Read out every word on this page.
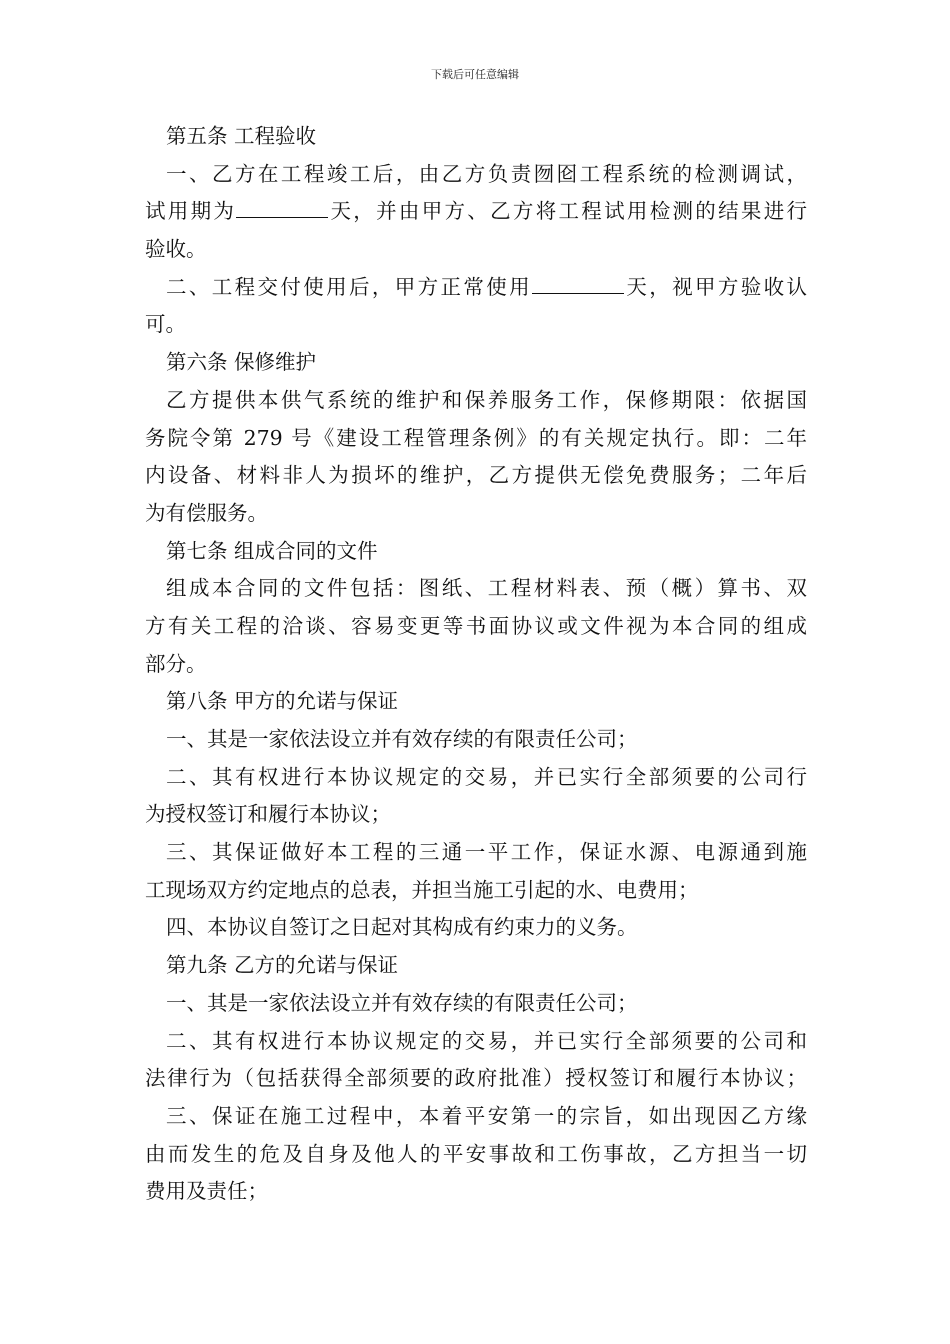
下载后可任意编辑
第五条 工程验收
一、乙方在工程竣工后，由乙方负责囫囵工程系统的检测调试，
试用期为	天，并由甲方、乙方将工程试用检测的结果进行
验收。
二、工程交付使用后，甲方正常使用	天，视甲方验收认
可。
第六条 保修维护
乙方提供本供气系统的维护和保养服务工作，保修期限：依据国
务院令第 279 号《建设工程管理条例》的有关规定执行。即：二年
内设备、材料非人为损坏的维护，乙方提供无偿免费服务；二年后
为有偿服务。
第七条 组成合同的文件
组成本合同的文件包括：图纸、工程材料表、预（概）算书、双
方有关工程的洽谈、容易变更等书面协议或文件视为本合同的组成
部分。
第八条 甲方的允诺与保证
一、其是一家依法设立并有效存续的有限责任公司；
二、其有权进行本协议规定的交易，并已实行全部须要的公司行
为授权签订和履行本协议；
三、其保证做好本工程的三通一平工作，保证水源、电源通到施
工现场双方约定地点的总表，并担当施工引起的水、电费用；
四、本协议自签订之日起对其构成有约束力的义务。
第九条 乙方的允诺与保证
一、其是一家依法设立并有效存续的有限责任公司；
二、其有权进行本协议规定的交易，并已实行全部须要的公司和
法律行为（包括获得全部须要的政府批准）授权签订和履行本协议；
三、保证在施工过程中，本着平安第一的宗旨，如出现因乙方缘
由而发生的危及自身及他人的平安事故和工伤事故，乙方担当一切
费用及责任；
